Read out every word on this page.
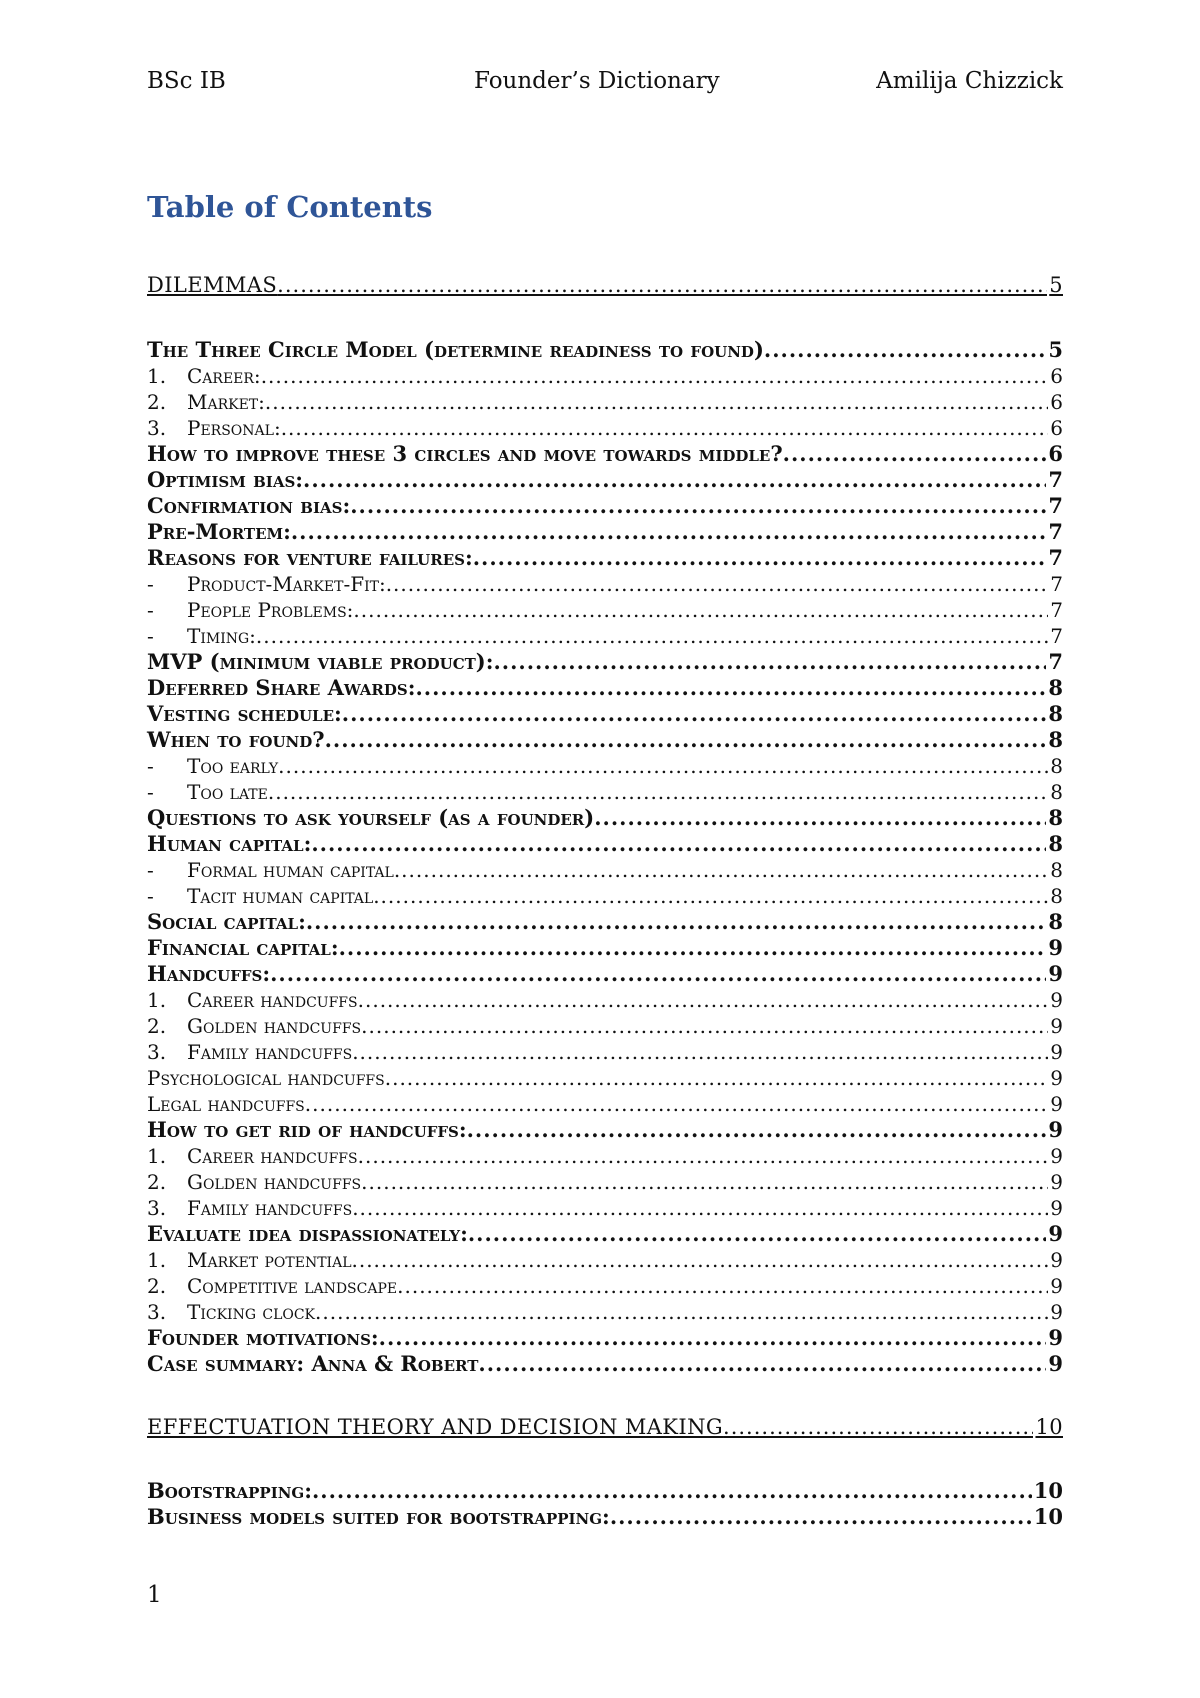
BSc IB	Founder’s Dictionary	Amilija Chizzick
Table of Contents
DILEMMAS .....	5
The Three Circle Model (determine readiness to found) .....	5
1. Career: .....	6
2. Market: .....	6
3. Personal: .....	6
How to improve these 3 circles and move towards middle? .....	6
Optimism bias: .....	7
Confirmation bias: .....	7
Pre-Mortem: .....	7
Reasons for venture failures: .....	7
- Product-Market-Fit: .....	7
- People Problems: .....	7
- Timing: .....	7
MVP (minimum viable product): .....	7
Deferred Share Awards: .....	8
Vesting schedule: .....	8
When to found? .....	8
- Too early .....	8
- Too late .....	8
Questions to ask yourself (as a founder) .....	8
Human capital: .....	8
- Formal human capital .....	8
- Tacit human capital .....	8
Social capital: .....	8
Financial capital: .....	9
Handcuffs: .....	9
1. Career handcuffs .....	9
2. Golden handcuffs .....	9
3. Family handcuffs .....	9
Psychological handcuffs .....	9
Legal handcuffs .....	9
How to get rid of handcuffs: .....	9
1. Career handcuffs .....	9
2. Golden handcuffs .....	9
3. Family handcuffs .....	9
Evaluate idea dispassionately: .....	9
1. Market potential .....	9
2. Competitive landscape .....	9
3. Ticking clock .....	9
Founder motivations: .....	9
Case summary: Anna & Robert .....	9
EFFECTUATION THEORY AND DECISION MAKING .....	10
Bootstrapping: .....	10
Business models suited for bootstrapping: .....	10
1
